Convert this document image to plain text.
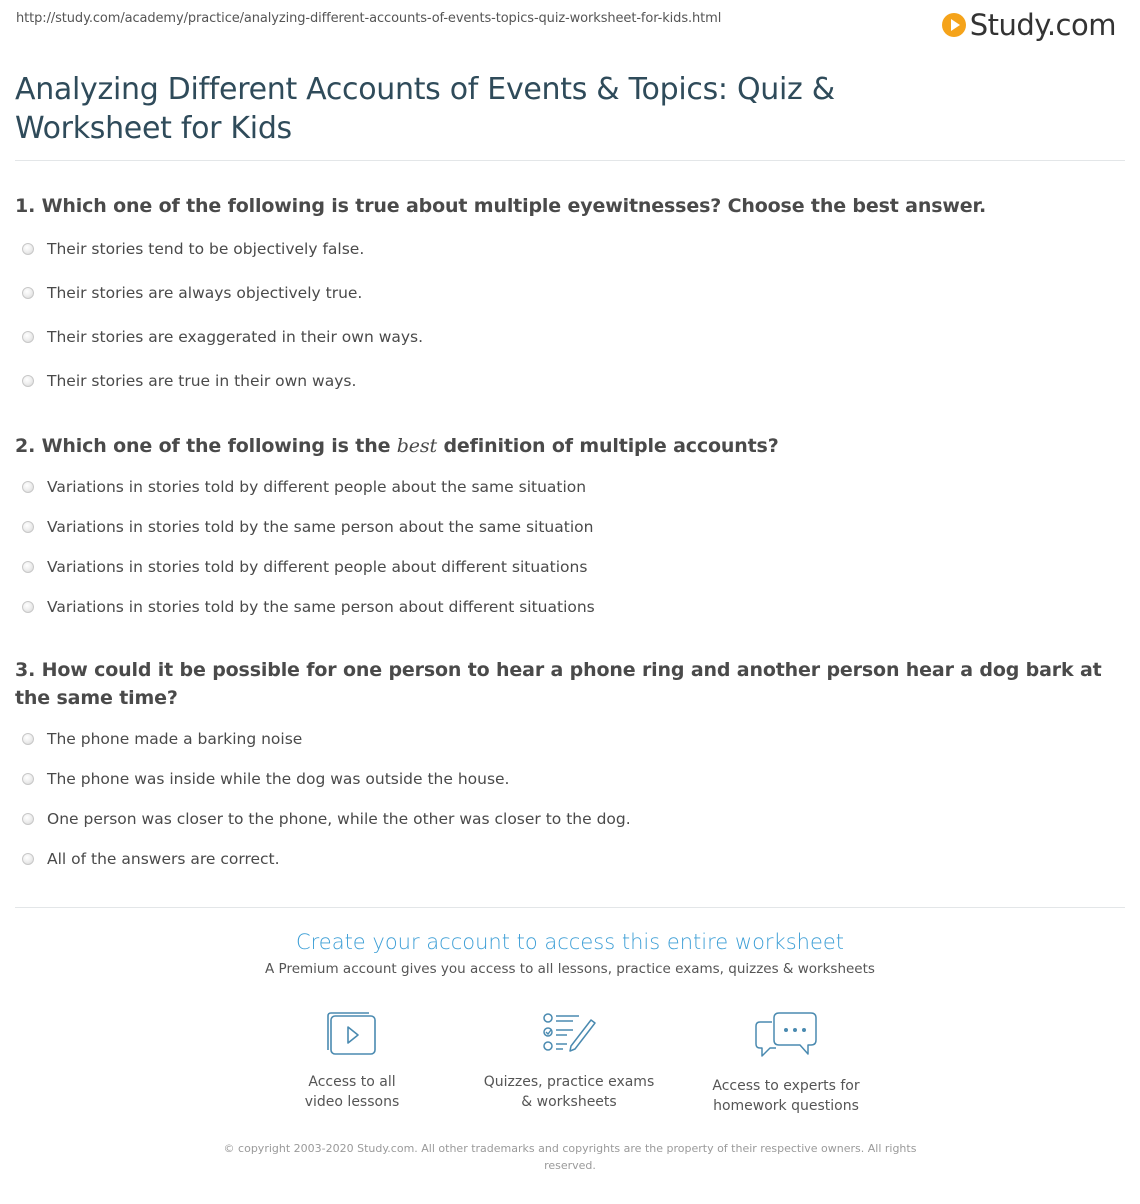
http://study.com/academy/practice/analyzing-different-accounts-of-events-topics-quiz-worksheet-for-kids.html	Study.com
Analyzing Different Accounts of Events & Topics: Quiz &
Worksheet for Kids
1. Which one of the following is true about multiple eyewitnesses? Choose the best answer.
Their stories tend to be objectively false.
Their stories are always objectively true.
Their stories are exaggerated in their own ways.
Their stories are true in their own ways.
2. Which one of the following is the best definition of multiple accounts?
Variations in stories told by different people about the same situation
Variations in stories told by the same person about the same situation
Variations in stories told by different people about different situations
Variations in stories told by the same person about different situations
3. How could it be possible for one person to hear a phone ring and another person hear a dog bark at the same time?
The phone made a barking noise
The phone was inside while the dog was outside the house.
One person was closer to the phone, while the other was closer to the dog.
All of the answers are correct.
Create your account to access this entire worksheet
A Premium account gives you access to all lessons, practice exams, quizzes & worksheets
Access to all
video lessons
Quizzes, practice exams
& worksheets
Access to experts for
homework questions
© copyright 2003-2020 Study.com. All other trademarks and copyrights are the property of their respective owners. All rights reserved.
